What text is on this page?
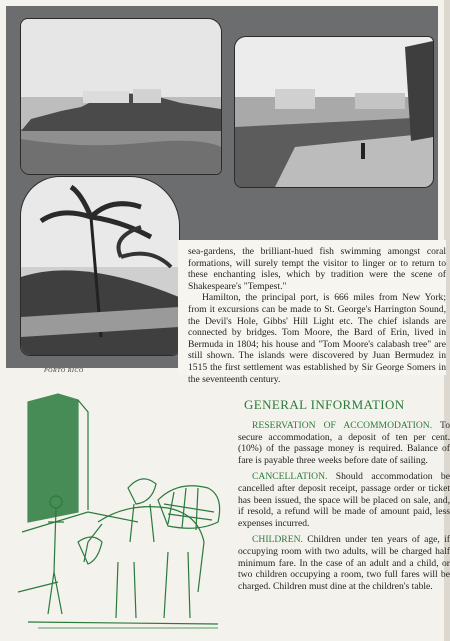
PORTO RICO

sea-gardens, the brilliant-hued fish swimming amongst coral formations, will surely tempt the visitor to linger or to return to these enchanting isles, which by tradition were the scene of Shakespeare's "Tempest."

Hamilton, the principal port, is 666 miles from New York; from it excursions can be made to St. George's Harrington Sound, the Devil's Hole, Gibbs' Hill Light etc. The chief islands are connected by bridges. Tom Moore, the Bard of Erin, lived in Bermuda in 1804; his house and "Tom Moore's calabash tree" are still shown. The islands were discovered by Juan Bermudez in 1515 the first settlement was established by Sir George Somers in the seventeenth century.

GENERAL INFORMATION

RESERVATION OF ACCOMMODATION. To secure accommodation, a deposit of ten per cent. (10%) of the passage money is required. Balance of fare is payable three weeks before date of sailing.

CANCELLATION. Should accommodation be cancelled after deposit receipt, passage order or ticket has been issued, the space will be placed on sale, and, if resold, a refund will be made of amount paid, less expenses incurred.

CHILDREN. Children under ten years of age, if occupying room with two adults, will be charged half minimum fare. In the case of an adult and a child, or two children occupying a room, two full fares will be charged. Children must dine at the children's table.
